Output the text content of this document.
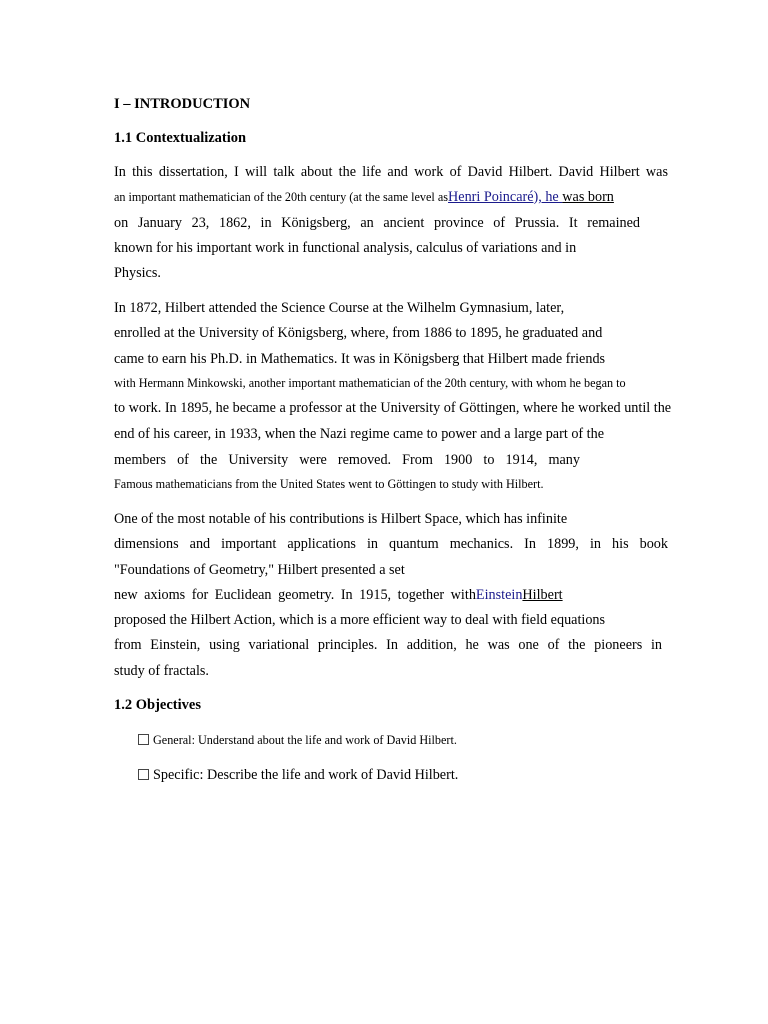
I – INTRODUCTION
1.1 Contextualization
In this dissertation, I will talk about the life and work of David Hilbert. David Hilbert was
an important mathematician of the 20th century (at the same level asHenri Poincaré), he was born
on January 23, 1862, in Königsberg, an ancient province of Prussia. It remained
known for his important work in functional analysis, calculus of variations and in
Physics.
In 1872, Hilbert attended the Science Course at the Wilhelm Gymnasium, later,
enrolled at the University of Königsberg, where, from 1886 to 1895, he graduated and
came to earn his Ph.D. in Mathematics. It was in Königsberg that Hilbert made friends
with Hermann Minkowski, another important mathematician of the 20th century, with whom he began to
to work. In 1895, he became a professor at the University of Göttingen, where he worked until the
end of his career, in 1933, when the Nazi regime came to power and a large part of the
members of the University were removed. From 1900 to 1914, many
Famous mathematicians from the United States went to Göttingen to study with Hilbert.
One of the most notable of his contributions is Hilbert Space, which has infinite
dimensions and important applications in quantum mechanics. In 1899, in his book
"Foundations of Geometry," Hilbert presented a set
new axioms for Euclidean geometry. In 1915, together withEinsteinHilbert
proposed the Hilbert Action, which is a more efficient way to deal with field equations
from Einstein, using variational principles. In addition, he was one of the pioneers in
study of fractals.
1.2 Objectives
General: Understand about the life and work of David Hilbert.
Specific: Describe the life and work of David Hilbert.
